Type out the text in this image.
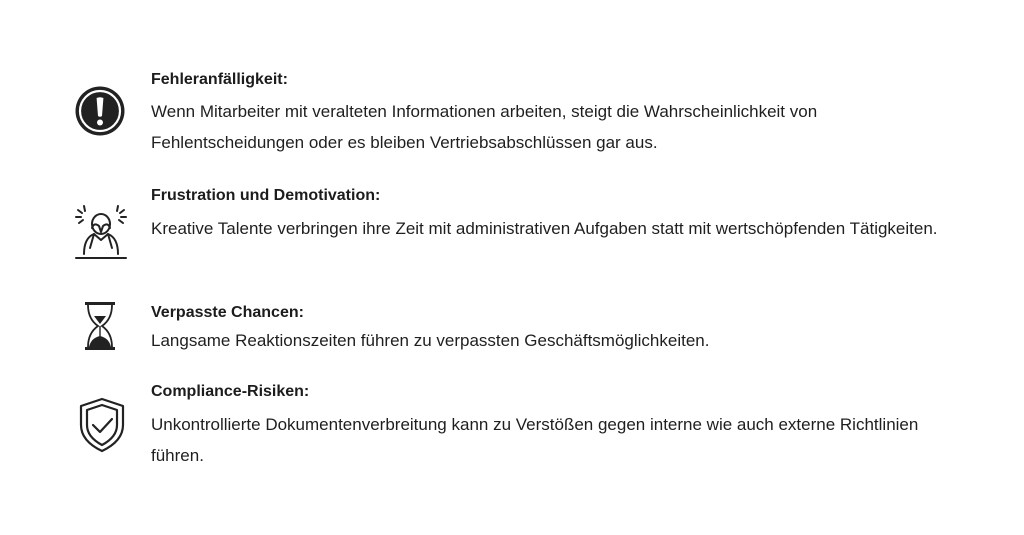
Fehleranfälligkeit:
Wenn Mitarbeiter mit veralteten Informationen arbeiten, steigt die Wahrscheinlichkeit von Fehlentscheidungen oder es bleiben Vertriebsabschlüssen gar aus.
Frustration und Demotivation:
Kreative Talente verbringen ihre Zeit mit administrativen Aufgaben statt mit wertschöpfenden Tätigkeiten.
Verpasste Chancen:
Langsame Reaktionszeiten führen zu verpassten Geschäftsmöglichkeiten.
Compliance-Risiken:
Unkontrollierte Dokumentenverbreitung kann zu Verstößen gegen interne wie auch externe Richtlinien führen.
